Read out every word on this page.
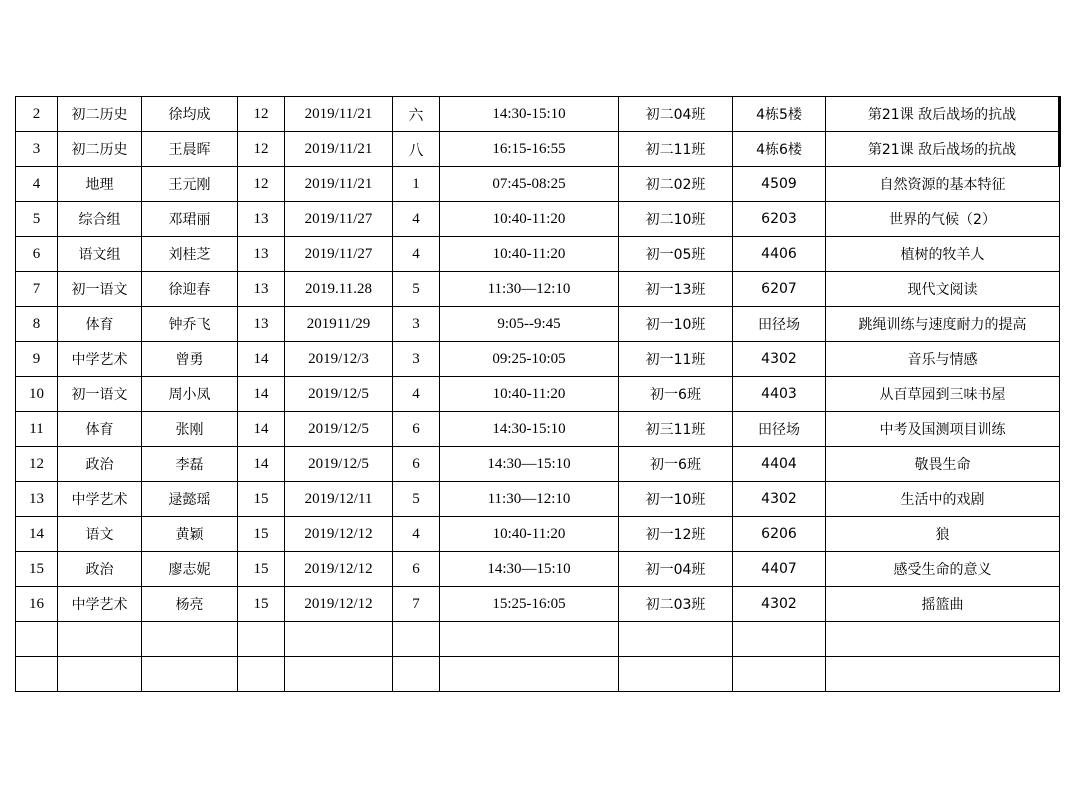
2	初二历史	徐均成	12	2019/11/21	六	14:30-15:10	初二04班	4栋5楼	第21课 敌后战场的抗战
3	初二历史	王晨晖	12	2019/11/21	八	16:15-16:55	初二11班	4栋6楼	第21课 敌后战场的抗战
4	地理	王元刚	12	2019/11/21	1	07:45-08:25	初二02班	4509	自然资源的基本特征
5	综合组	邓珺丽	13	2019/11/27	4	10:40-11:20	初二10班	6203	世界的气候（2）
6	语文组	刘桂芝	13	2019/11/27	4	10:40-11:20	初一05班	4406	植树的牧羊人
7	初一语文	徐迎春	13	2019.11.28	5	11:30—12:10	初一13班	6207	现代文阅读
8	体育	钟乔飞	13	201911/29	3	9:05--9:45	初一10班	田径场	跳绳训练与速度耐力的提高
9	中学艺术	曾勇	14	2019/12/3	3	09:25-10:05	初一11班	4302	音乐与情感
10	初一语文	周小凤	14	2019/12/5	4	10:40-11:20	初一6班	4403	从百草园到三味书屋
11	体育	张刚	14	2019/12/5	6	14:30-15:10	初三11班	田径场	中考及国测项目训练
12	政治	李磊	14	2019/12/5	6	14:30—15:10	初一6班	4404	敬畏生命
13	中学艺术	逯懿瑶	15	2019/12/11	5	11:30—12:10	初一10班	4302	生活中的戏剧
14	语文	黄颖	15	2019/12/12	4	10:40-11:20	初一12班	6206	狼
15	政治	廖志妮	15	2019/12/12	6	14:30—15:10	初一04班	4407	感受生命的意义
16	中学艺术	杨亮	15	2019/12/12	7	15:25-16:05	初二03班	4302	摇篮曲
